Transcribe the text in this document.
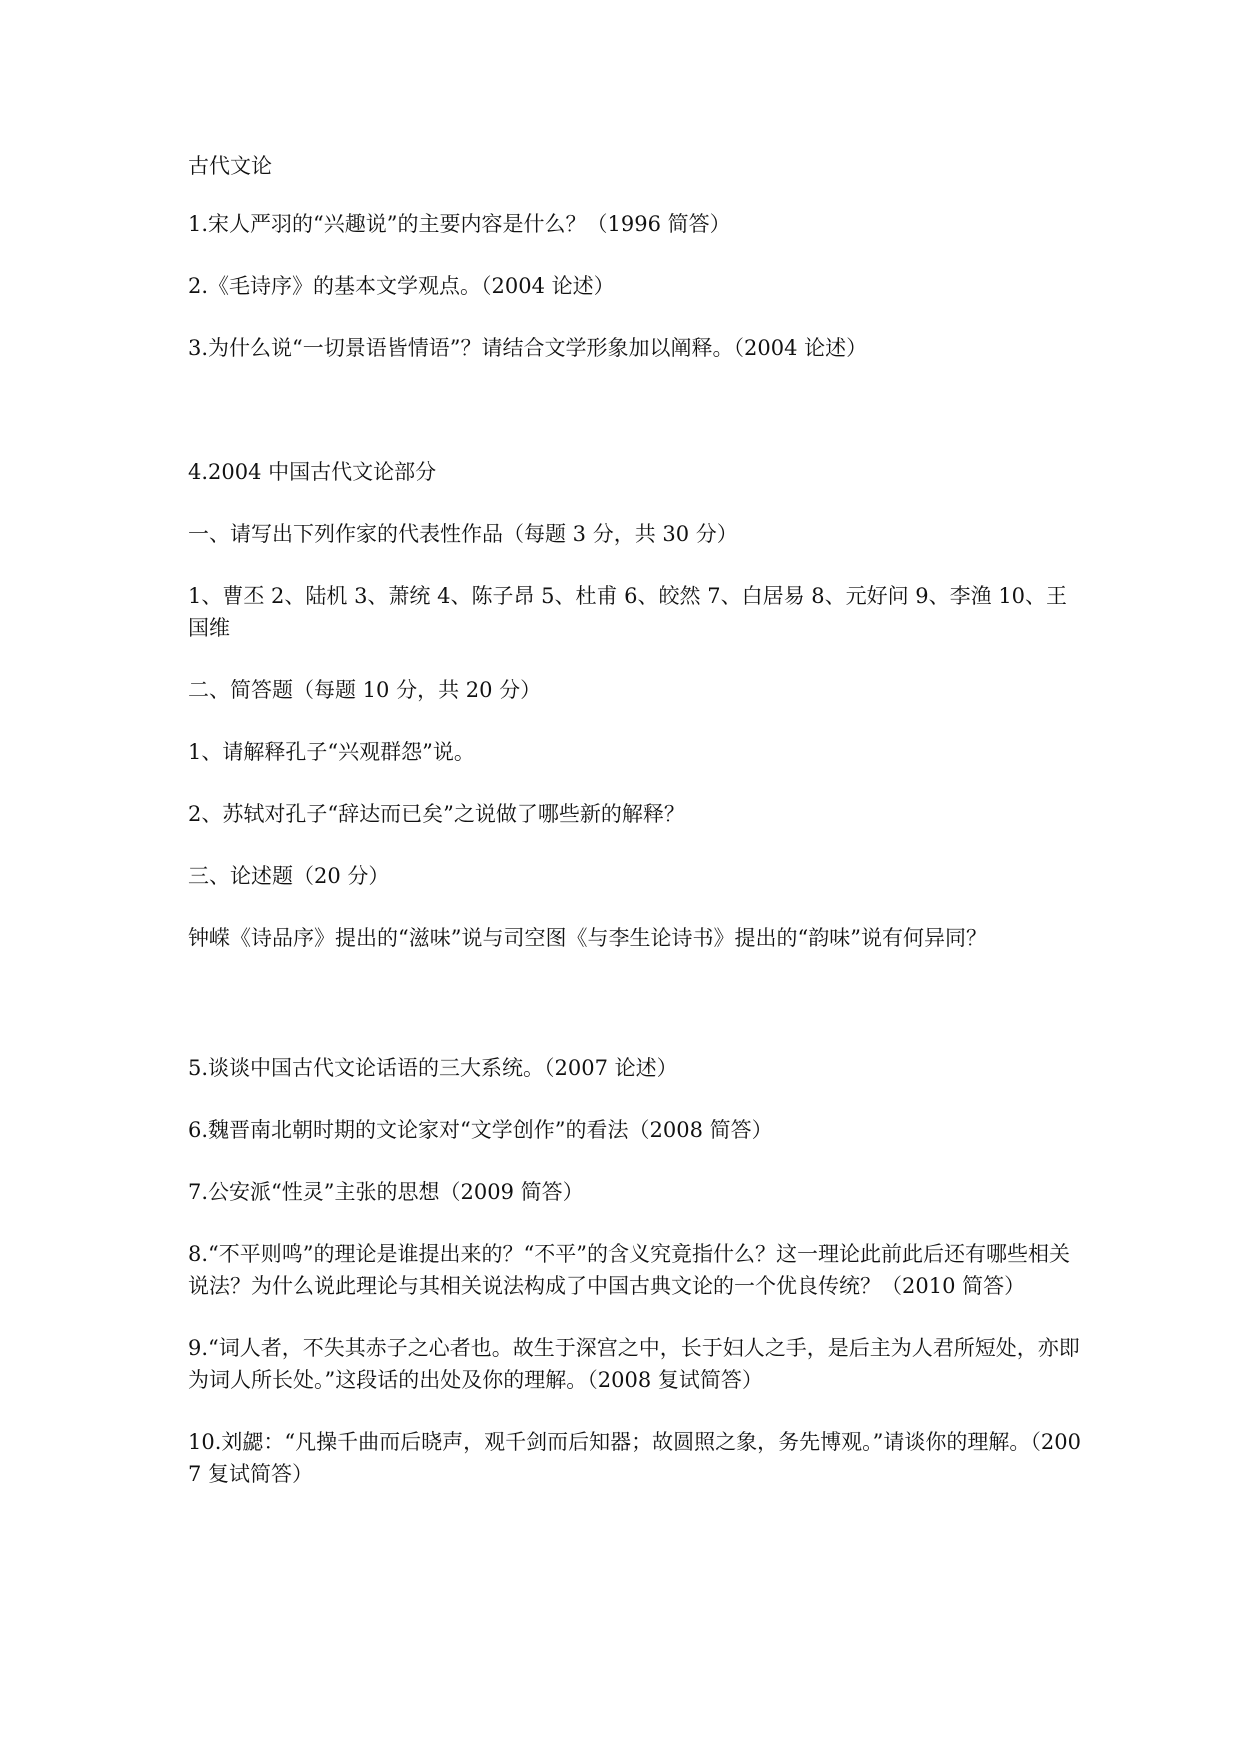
古代文论

1.宋人严羽的“兴趣说”的主要内容是什么？（1996 简答）

2.《毛诗序》的基本文学观点。（2004 论述）

3.为什么说“一切景语皆情语”？请结合文学形象加以阐释。（2004 论述）

4.2004 中国古代文论部分

一、请写出下列作家的代表性作品（每题 3 分，共 30 分）

1、曹丕 2、陆机 3、萧统 4、陈子昂 5、杜甫 6、皎然 7、白居易 8、元好问 9、李渔 10、王国维

二、简答题（每题 10 分，共 20 分）

1、请解释孔子“兴观群怨”说。

2、苏轼对孔子“辞达而已矣”之说做了哪些新的解释？

三、论述题（20 分）

钟嵘《诗品序》提出的“滋味”说与司空图《与李生论诗书》提出的“韵味”说有何异同？

5.谈谈中国古代文论话语的三大系统。（2007 论述）

6.魏晋南北朝时期的文论家对“文学创作”的看法（2008 简答）

7.公安派“性灵”主张的思想（2009 简答）

8.“不平则鸣”的理论是谁提出来的？“不平”的含义究竟指什么？这一理论此前此后还有哪些相关说法？为什么说此理论与其相关说法构成了中国古典文论的一个优良传统？（2010 简答）

9.“词人者，不失其赤子之心者也。故生于深宫之中，长于妇人之手，是后主为人君所短处，亦即为词人所长处。”这段话的出处及你的理解。（2008 复试简答）

10.刘勰：“凡操千曲而后晓声，观千剑而后知器；故圆照之象，务先博观。”请谈你的理解。（2007 复试简答）
